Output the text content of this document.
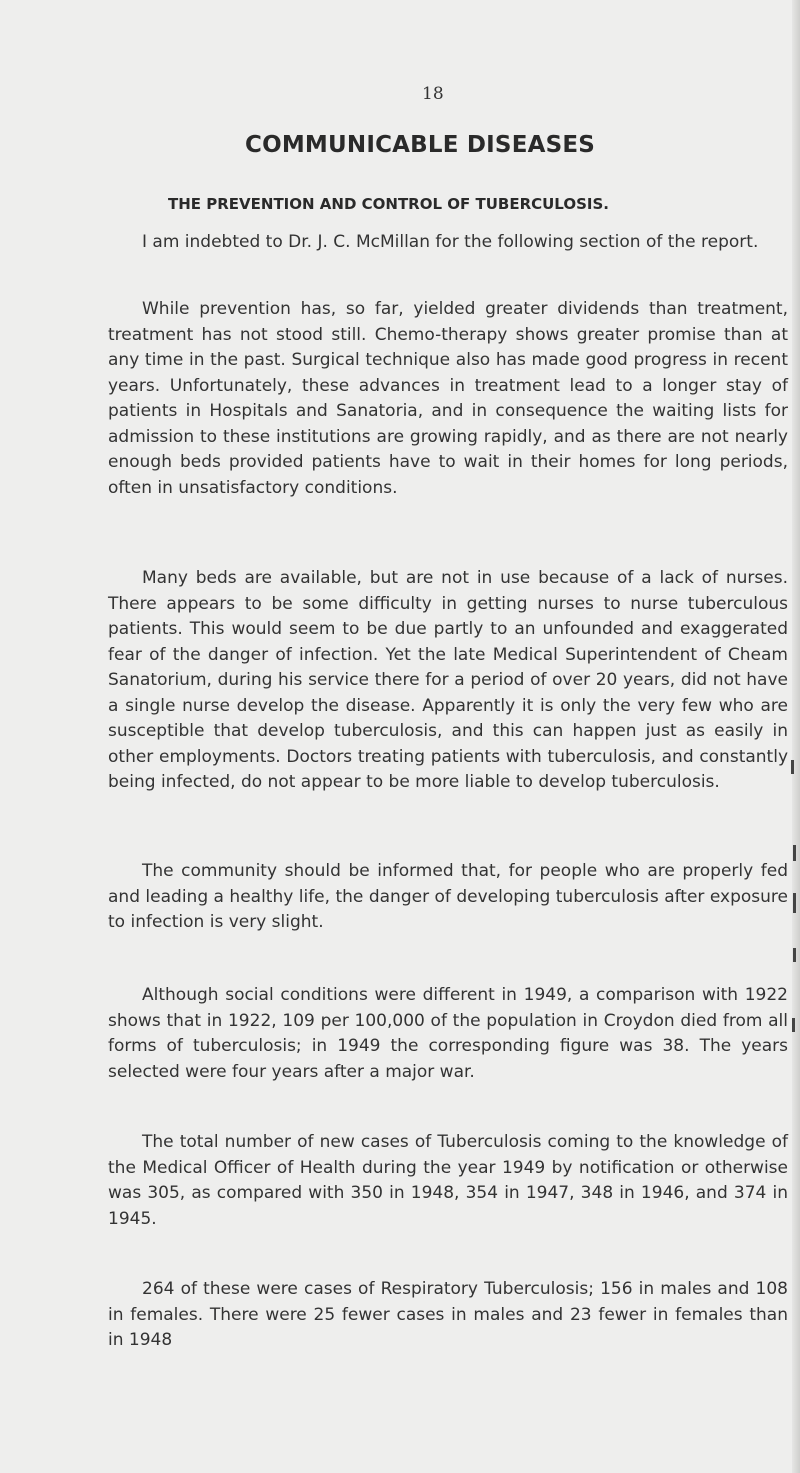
18
COMMUNICABLE DISEASES
THE PREVENTION AND CONTROL OF TUBERCULOSIS.

I am indebted to Dr. J. C. McMillan for the following section of the report.

While prevention has, so far, yielded greater dividends than treatment, treatment has not stood still. Chemo-therapy shows greater promise than at any time in the past. Surgical technique also has made good progress in recent years. Unfortunately, these advances in treatment lead to a longer stay of patients in Hospitals and Sanatoria, and in consequence the waiting lists for admission to these institutions are growing rapidly, and as there are not nearly enough beds provided patients have to wait in their homes for long periods, often in unsatisfactory conditions.

Many beds are available, but are not in use because of a lack of nurses. There appears to be some difficulty in getting nurses to nurse tuberculous patients. This would seem to be due partly to an unfounded and exaggerated fear of the danger of infection. Yet the late Medical Superintendent of Cheam Sanatorium, during his service there for a period of over 20 years, did not have a single nurse develop the disease. Apparently it is only the very few who are susceptible that develop tuberculosis, and this can happen just as easily in other employments. Doctors treating patients with tuberculosis, and constantly being infected, do not appear to be more liable to develop tuberculosis.

The community should be informed that, for people who are properly fed and leading a healthy life, the danger of developing tuberculosis after exposure to infection is very slight.

Although social conditions were different in 1949, a comparison with 1922 shows that in 1922, 109 per 100,000 of the population in Croydon died from all forms of tuberculosis; in 1949 the corresponding figure was 38. The years selected were four years after a major war.

The total number of new cases of Tuberculosis coming to the knowledge of the Medical Officer of Health during the year 1949 by notification or otherwise was 305, as compared with 350 in 1948, 354 in 1947, 348 in 1946, and 374 in 1945.

264 of these were cases of Respiratory Tuberculosis; 156 in males and 108 in females. There were 25 fewer cases in males and 23 fewer in females than in 1948
